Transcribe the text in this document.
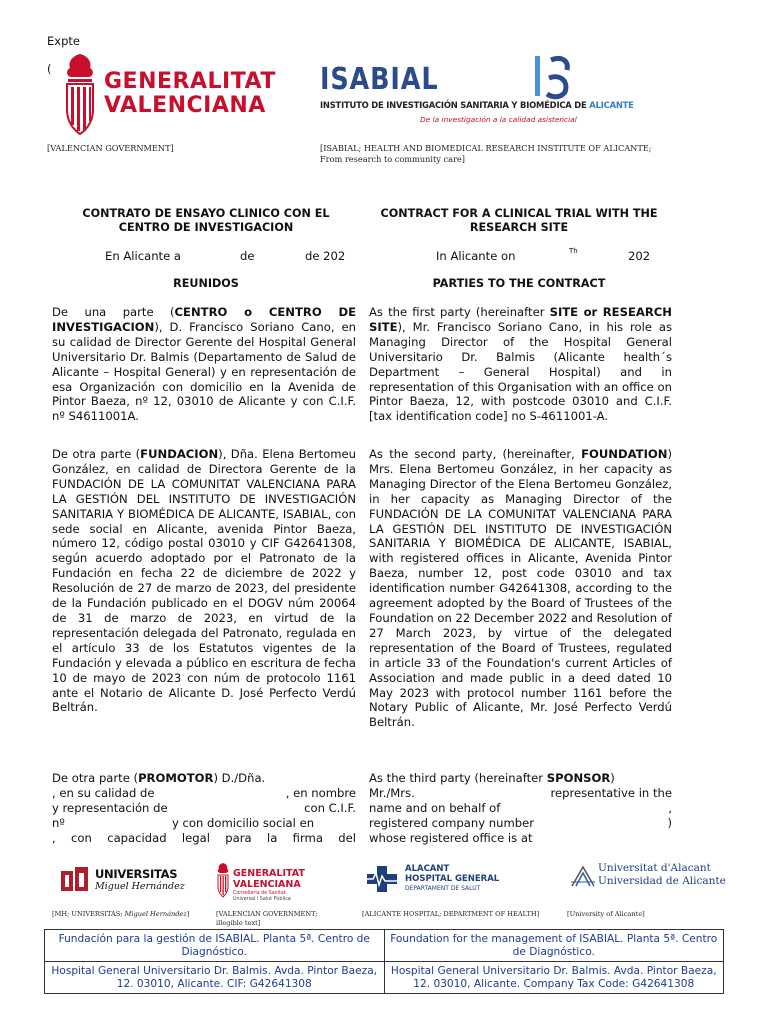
Expte
( GENERALITAT
VALENCIANA
ISABIAL
INSTITUTO DE INVESTIGACIÓN SANITARIA Y BIOMÉDICA DE ALICANTE
De la investigación a la calidad asistencial
[VALENCIAN GOVERNMENT]	[ISABIAL; HEALTH AND BIOMEDICAL RESEARCH INSTITUTE OF ALICANTE;
From research to community care]
CONTRATO DE ENSAYO CLINICO CON EL
CENTRO DE INVESTIGACION
CONTRACT FOR A CLINICAL TRIAL WITH THE
RESEARCH SITE
En Alicante a	de	de 202	In Alicante on	Th	202
REUNIDOS	PARTIES TO THE CONTRACT

De una parte (CENTRO o CENTRO DE INVESTIGACION), D. Francisco Soriano Cano, en su calidad de Director Gerente del Hospital General Universitario Dr. Balmis (Departamento de Salud de Alicante – Hospital General) y en representación de esa Organización con domicilio en la Avenida de Pintor Baeza, nº 12, 03010 de Alicante y con C.I.F. nº S4611001A.

De otra parte (FUNDACION), Dña. Elena Bertomeu González, en calidad de Directora Gerente de la FUNDACIÓN DE LA COMUNITAT VALENCIANA PARA LA GESTIÓN DEL INSTITUTO DE INVESTIGACIÓN SANITARIA Y BIOMÉDICA DE ALICANTE, ISABIAL, con sede social en Alicante, avenida Pintor Baeza, número 12, código postal 03010 y CIF G42641308, según acuerdo adoptado por el Patronato de la Fundación en fecha 22 de diciembre de 2022 y Resolución de 27 de marzo de 2023, del presidente de la Fundación publicado en el DOGV núm 20064 de 31 de marzo de 2023, en virtud de la representación delegada del Patronato, regulada en el artículo 33 de los Estatutos vigentes de la Fundación y elevada a público en escritura de fecha 10 de mayo de 2023 con núm de protocolo 1161 ante el Notario de Alicante D. José Perfecto Verdú Beltrán.

De otra parte (PROMOTOR) D./Dña.
, en su calidad de	, en nombre
y representación de	con C.I.F.
nº	y con domicilio social en
, con capacidad legal para la firma del

As the first party (hereinafter SITE or RESEARCH SITE), Mr. Francisco Soriano Cano, in his role as Managing Director of the Hospital General Universitario Dr. Balmis (Alicante health´s Department – General Hospital) and in representation of this Organisation with an office on Pintor Baeza, 12, with postcode 03010 and C.I.F. [tax identification code] no S-4611001-A.

As the second party, (hereinafter, FOUNDATION) Mrs. Elena Bertomeu González, in her capacity as Managing Director of the Elena Bertomeu González, in her capacity as Managing Director of the FUNDACIÓN DE LA COMUNITAT VALENCIANA PARA LA GESTIÓN DEL INSTITUTO DE INVESTIGACIÓN SANITARIA Y BIOMÉDICA DE ALICANTE, ISABIAL, with registered offices in Alicante, Avenida Pintor Baeza, number 12, post code 03010 and tax identification number G42641308, according to the agreement adopted by the Board of Trustees of the Foundation on 22 December 2022 and Resolution of 27 March 2023, by virtue of the delegated representation of the Board of Trustees, regulated in article 33 of the Foundation's current Articles of Association and made public in a deed dated 10 May 2023 with protocol number 1161 before the Notary Public of Alicante, Mr. José Perfecto Verdú Beltrán.

As the third party (hereinafter SPONSOR)
Mr./Mrs.	representative in the
name and on behalf of	,
registered company number	)
whose registered office is at
UNIVERSITAS
Miguel Hernández
GENERALITAT
VALENCIANA
Conselleria de Sanitat
Universal i Salut Pública
ALACANT
HOSPITAL GENERAL
DEPARTAMENT DE SALUT
Universitat d'Alacant
Universidad de Alicante
[MH; UNIVERSITAS; Miguel Hernández]	[VALENCIAN GOVERNMENT;
illegible text]
[ALICANTE HOSPITAL; DEPARTMENT OF HEALTH]	[University of Alicante]
Fundación para la gestión de ISABIAL. Planta 5ª. Centro de Diagnóstico.	Foundation for the management of ISABIAL. Planta 5ª. Centro de Diagnóstico.
Hospital General Universitario Dr. Balmis. Avda. Pintor Baeza, 12. 03010, Alicante. CIF: G42641308	Hospital General Universitario Dr. Balmis. Avda. Pintor Baeza, 12. 03010, Alicante. Company Tax Code: G42641308
